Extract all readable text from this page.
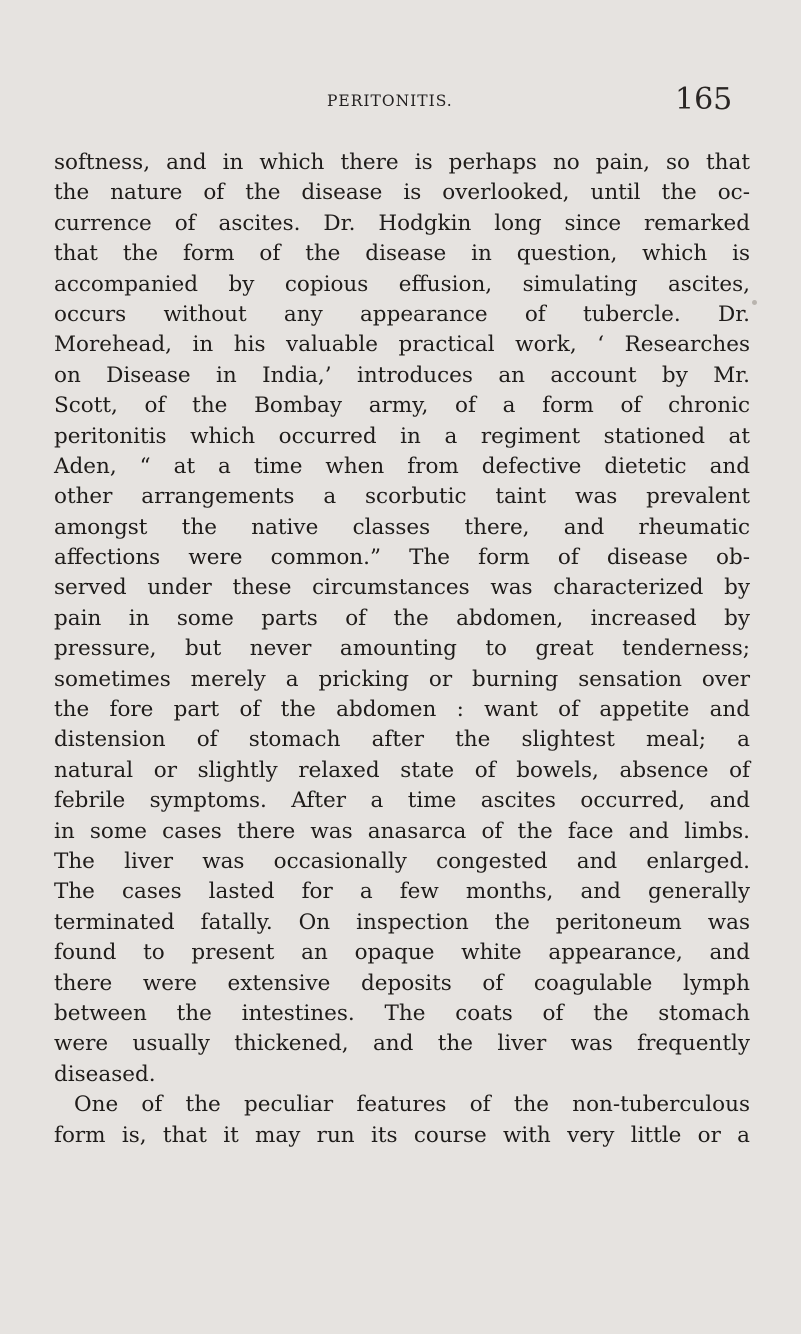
PERITONITIS.	165
softness, and in which there is perhaps no pain, so that
the nature of the disease is overlooked, until the oc-
currence of ascites. Dr. Hodgkin long since remarked
that the form of the disease in question, which is
accompanied by copious effusion, simulating ascites,
occurs without any appearance of tubercle. Dr.
Morehead, in his valuable practical work, ‘ Researches
on Disease in India,’ introduces an account by Mr.
Scott, of the Bombay army, of a form of chronic
peritonitis which occurred in a regiment stationed at
Aden, “ at a time when from defective dietetic and
other arrangements a scorbutic taint was prevalent
amongst the native classes there, and rheumatic
affections were common.” The form of disease ob-
served under these circumstances was characterized by
pain in some parts of the abdomen, increased by
pressure, but never amounting to great tenderness;
sometimes merely a pricking or burning sensation over
the fore part of the abdomen : want of appetite and
distension of stomach after the slightest meal; a
natural or slightly relaxed state of bowels, absence of
febrile symptoms. After a time ascites occurred, and
in some cases there was anasarca of the face and limbs.
The liver was occasionally congested and enlarged.
The cases lasted for a few months, and generally
terminated fatally. On inspection the peritoneum was
found to present an opaque white appearance, and
there were extensive deposits of coagulable lymph
between the intestines. The coats of the stomach
were usually thickened, and the liver was frequently
diseased.
One of the peculiar features of the non-tuberculous
form is, that it may run its course with very little or a
